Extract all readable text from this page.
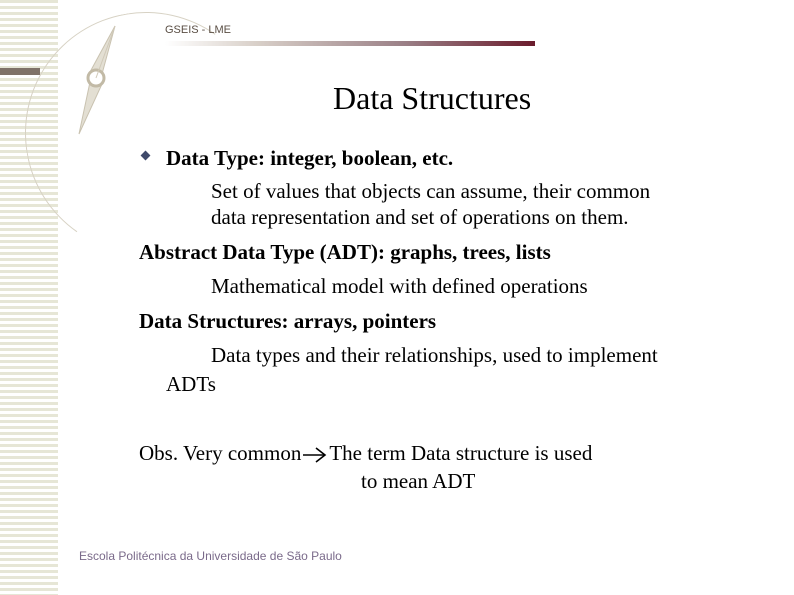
GSEIS - LME
Data Structures
Data Type: integer, boolean, etc.
Set of values that objects can assume, their common
data representation and set of operations on them.
Abstract Data Type (ADT): graphs, trees, lists
Mathematical model with defined operations
Data Structures: arrays, pointers
Data types and their relationships, used to implement
ADTs
Obs. Very common The term Data structure is used
to mean ADT
Escola Politécnica da Universidade de São Paulo
